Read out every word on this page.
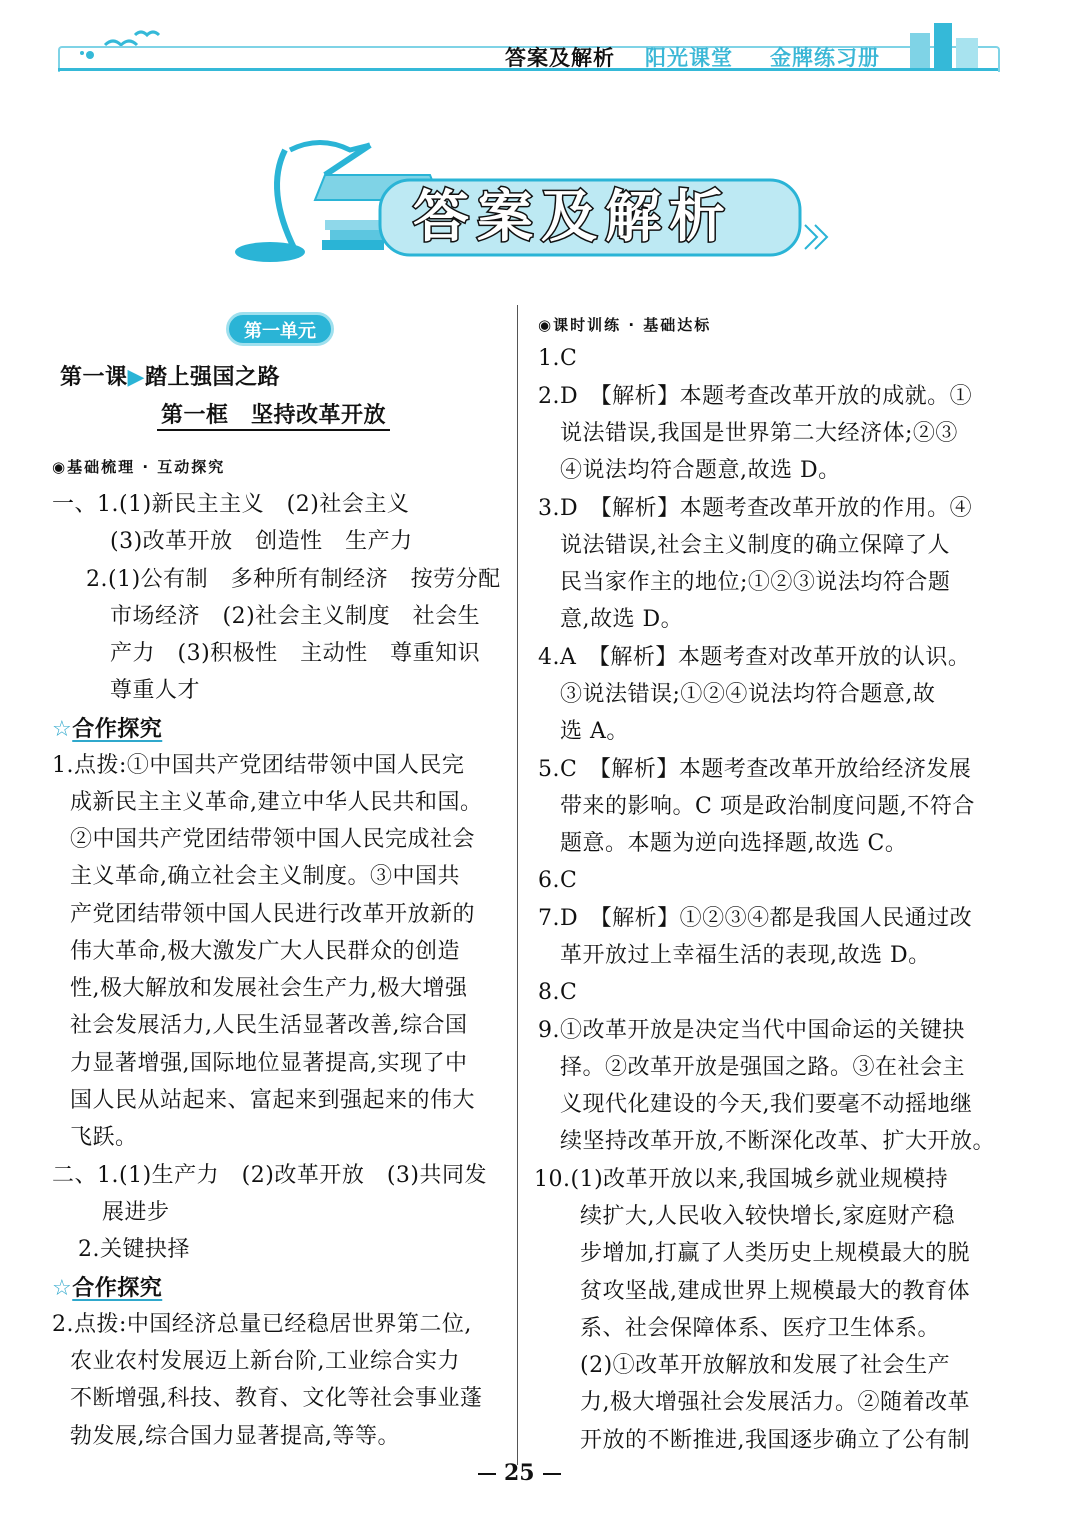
答案及解析 阳光课堂 金牌练习册
答案及解析
第一单元
第一课▶踏上强国之路
第一框　坚持改革开放
◉基础梳理 · 互动探究
一、1.(1)新民主主义　(2)社会主义
(3)改革开放　创造性　生产力
2.(1)公有制　多种所有制经济　按劳分配
市场经济　(2)社会主义制度　社会生
产力　(3)积极性　主动性　尊重知识
尊重人才
☆合作探究
1.点拨:①中国共产党团结带领中国人民完
成新民主主义革命,建立中华人民共和国。
②中国共产党团结带领中国人民完成社会
主义革命,确立社会主义制度。③中国共
产党团结带领中国人民进行改革开放新的
伟大革命,极大激发广大人民群众的创造
性,极大解放和发展社会生产力,极大增强
社会发展活力,人民生活显著改善,综合国
力显著增强,国际地位显著提高,实现了中
国人民从站起来、富起来到强起来的伟大
飞跃。
二、1.(1)生产力　(2)改革开放　(3)共同发
展进步
2.关键抉择
☆合作探究
2.点拨:中国经济总量已经稳居世界第二位,
农业农村发展迈上新台阶,工业综合实力
不断增强,科技、教育、文化等社会事业蓬
勃发展,综合国力显著提高,等等。
◉课时训练 · 基础达标
1.C
2.D　【解析】本题考查改革开放的成就。①
说法错误,我国是世界第二大经济体;②③
④说法均符合题意,故选 D。
3.D　【解析】本题考查改革开放的作用。④
说法错误,社会主义制度的确立保障了人
民当家作主的地位;①②③说法均符合题
意,故选 D。
4.A　【解析】本题考查对改革开放的认识。
③说法错误;①②④说法均符合题意,故
选 A。
5.C　【解析】本题考查改革开放给经济发展
带来的影响。C 项是政治制度问题,不符合
题意。本题为逆向选择题,故选 C。
6.C
7.D　【解析】①②③④都是我国人民通过改
革开放过上幸福生活的表现,故选 D。
8.C
9.①改革开放是决定当代中国命运的关键抉
择。②改革开放是强国之路。③在社会主
义现代化建设的今天,我们要毫不动摇地继
续坚持改革开放,不断深化改革、扩大开放。
10.(1)改革开放以来,我国城乡就业规模持
续扩大,人民收入较快增长,家庭财产稳
步增加,打赢了人类历史上规模最大的脱
贫攻坚战,建成世界上规模最大的教育体
系、社会保障体系、医疗卫生体系。
(2)①改革开放解放和发展了社会生产
力,极大增强社会发展活力。②随着改革
开放的不断推进,我国逐步确立了公有制
25
